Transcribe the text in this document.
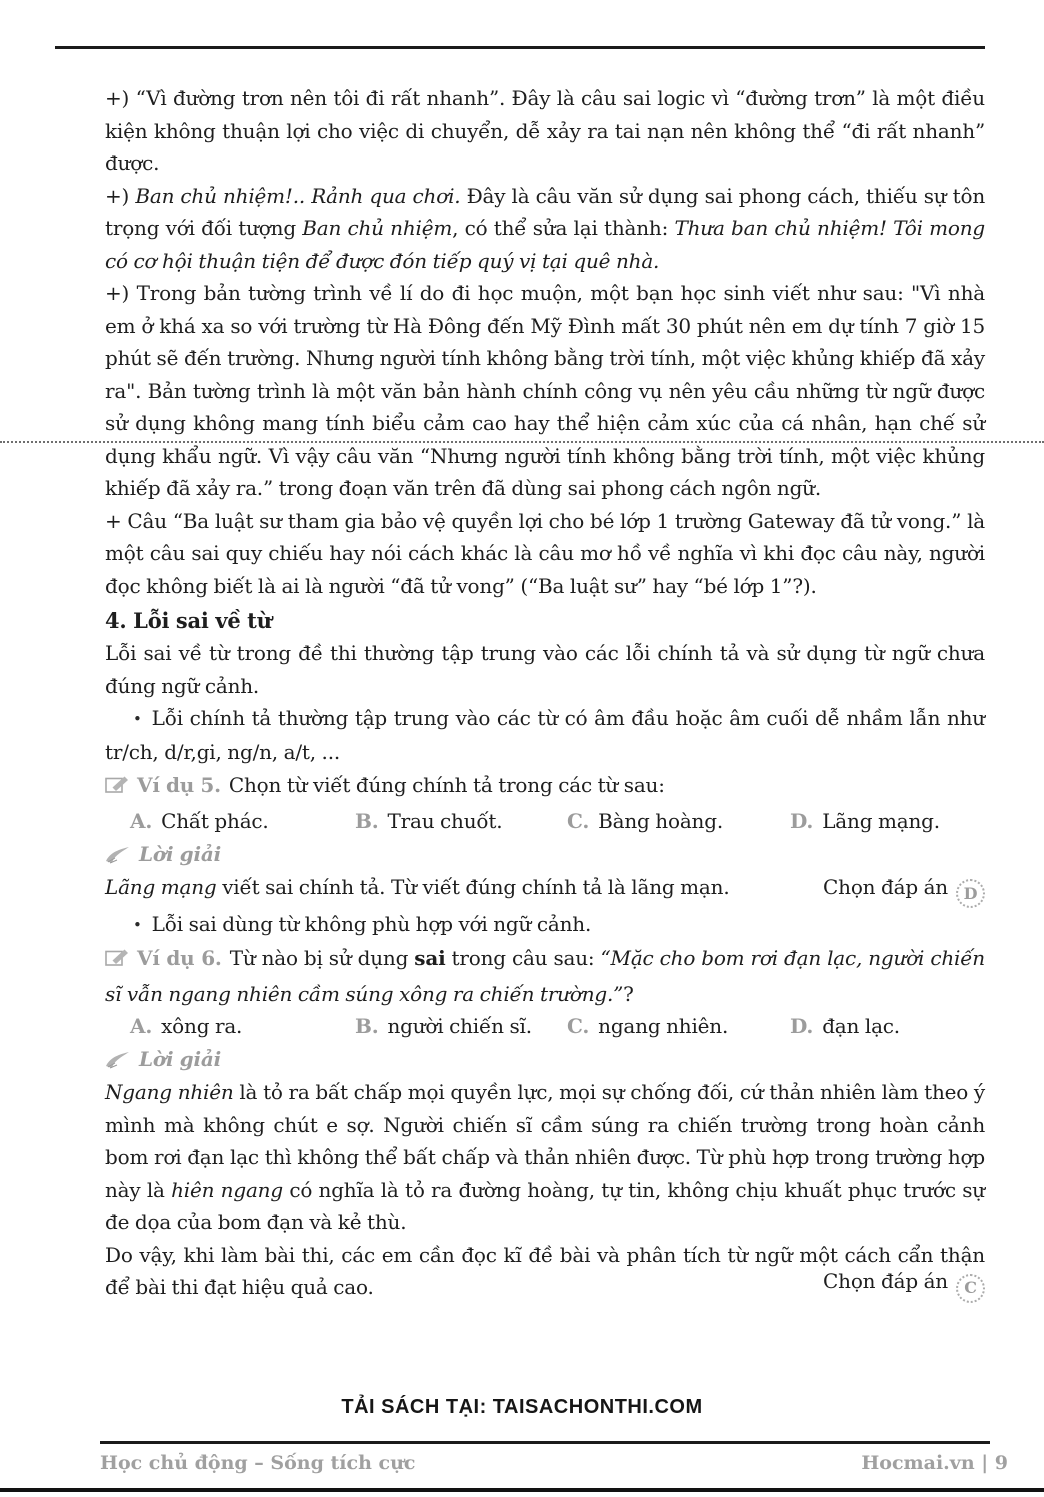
+) “Vì đường trơn nên tôi đi rất nhanh”. Đây là câu sai logic vì “đường trơn” là một điều kiện không thuận lợi cho việc di chuyển, dễ xảy ra tai nạn nên không thể “đi rất nhanh” được.

+) Ban chủ nhiệm!.. Rảnh qua chơi. Đây là câu văn sử dụng sai phong cách, thiếu sự tôn trọng với đối tượng Ban chủ nhiệm, có thể sửa lại thành: Thưa ban chủ nhiệm! Tôi mong có cơ hội thuận tiện để được đón tiếp quý vị tại quê nhà.

+) Trong bản tường trình về lí do đi học muộn, một bạn học sinh viết như sau: "Vì nhà em ở khá xa so với trường từ Hà Đông đến Mỹ Đình mất 30 phút nên em dự tính 7 giờ 15 phút sẽ đến trường. Nhưng người tính không bằng trời tính, một việc khủng khiếp đã xảy ra". Bản tường trình là một văn bản hành chính công vụ nên yêu cầu những từ ngữ được sử dụng không mang tính biểu cảm cao hay thể hiện cảm xúc của cá nhân, hạn chế sử dụng khẩu ngữ. Vì vậy câu văn “Nhưng người tính không bằng trời tính, một việc khủng khiếp đã xảy ra.” trong đoạn văn trên đã dùng sai phong cách ngôn ngữ.

+ Câu “Ba luật sư tham gia bảo vệ quyền lợi cho bé lớp 1 trường Gateway đã tử vong.” là một câu sai quy chiếu hay nói cách khác là câu mơ hồ về nghĩa vì khi đọc câu này, người đọc không biết là ai là người “đã tử vong” (“Ba luật sư” hay “bé lớp 1”?).

4. Lỗi sai về từ

Lỗi sai về từ trong đề thi thường tập trung vào các lỗi chính tả và sử dụng từ ngữ chưa đúng ngữ cảnh.

• Lỗi chính tả thường tập trung vào các từ có âm đầu hoặc âm cuối dễ nhầm lẫn như tr/ch, d/r,gi, ng/n, a/t, ...

Ví dụ 5. Chọn từ viết đúng chính tả trong các từ sau:
A. Chất phác.	B. Trau chuốt.	C. Bàng hoàng.	D. Lãng mạng.
Lời giải
Lãng mạng viết sai chính tả. Từ viết đúng chính tả là lãng mạn.	Chọn đáp án D

• Lỗi sai dùng từ không phù hợp với ngữ cảnh.

Ví dụ 6. Từ nào bị sử dụng sai trong câu sau: “Mặc cho bom rơi đạn lạc, người chiến sĩ vẫn ngang nhiên cầm súng xông ra chiến trường.”?
A. xông ra.	B. người chiến sĩ. C. ngang nhiên.	D. đạn lạc.
Lời giải

Ngang nhiên là tỏ ra bất chấp mọi quyền lực, mọi sự chống đối, cứ thản nhiên làm theo ý mình mà không chút e sợ. Người chiến sĩ cầm súng ra chiến trường trong hoàn cảnh bom rơi đạn lạc thì không thể bất chấp và thản nhiên được. Từ phù hợp trong trường hợp này là hiên ngang có nghĩa là tỏ ra đường hoàng, tự tin, không chịu khuất phục trước sự đe dọa của bom đạn và kẻ thù.

Do vậy, khi làm bài thi, các em cần đọc kĩ đề bài và phân tích từ ngữ một cách cẩn thận để bài thi đạt hiệu quả cao.	Chọn đáp án C
TẢI SÁCH TẠI: TAISACHONTHI.COM
Học chủ động – Sống tích cực	Hocmai.vn | 9
